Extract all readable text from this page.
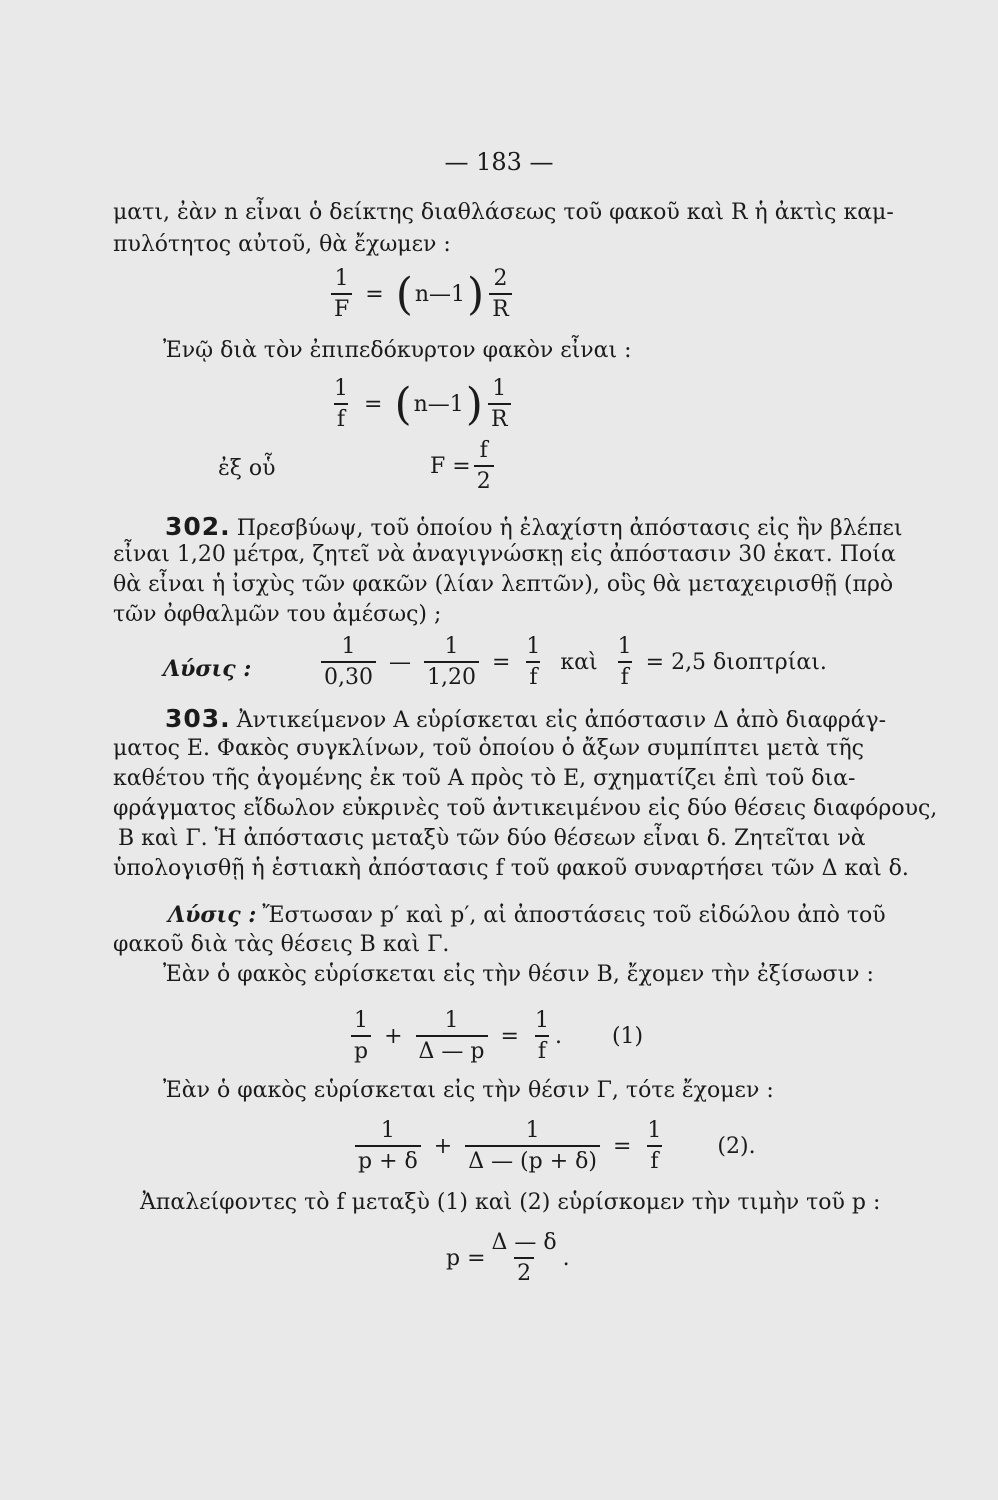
— 183 —
ματι, ἐὰν n εἶναι ὁ δείκτης διαθλάσεως τοῦ φακοῦ καὶ R ἡ ἀκτὶς καμ-
πυλότητος αὐτοῦ, θὰ ἔχωμεν :
$\frac{1}{F}$ = ( n—1 ) $\frac{2}{R}$
Ἐνῷ διὰ τὸν ἐπιπεδόκυρτον φακὸν εἶναι :
$\frac{1}{f}$ = ( n—1 ) $\frac{1}{R}$
ἐξ οὗ	$F = \frac{f}{2}$
302. Πρεσβύωψ, τοῦ ὁποίου ἡ ἐλαχίστη ἀπόστασις εἰς ἣν βλέπει
εἶναι 1,20 μέτρα, ζητεῖ νὰ ἀναγιγνώσκῃ εἰς ἀπόστασιν 30 ἑκατ. Ποία
θὰ εἶναι ἡ ἰσχὺς τῶν φακῶν (λίαν λεπτῶν), οὓς θὰ μεταχειρισθῇ (πρὸ
τῶν ὀφθαλμῶν του ἀμέσως) ;
Λύσις :	$\frac{1}{0,30}$ — $\frac{1}{1,20} = \frac{1}{f}$ καὶ $\frac{1}{f} = 2,5$ διοπτρίαι.
303. Ἀντικείμενον Α εὑρίσκεται εἰς ἀπόστασιν Δ ἀπὸ διαφράγ-
ματος Ε. Φακὸς συγκλίνων, τοῦ ὁποίου ὁ ἄξων συμπίπτει μετὰ τῆς
καθέτου τῆς ἀγομένης ἐκ τοῦ Α πρὸς τὸ Ε, σχηματίζει ἐπὶ τοῦ δια-
φράγματος εἴδωλον εὐκρινὲς τοῦ ἀντικειμένου εἰς δύο θέσεις διαφόρους,
Β καὶ Γ. Ἡ ἀπόστασις μεταξὺ τῶν δύο θέσεων εἶναι δ. Ζητεῖται νὰ
ὑπολογισθῇ ἡ ἑστιακὴ ἀπόστασις f τοῦ φακοῦ συναρτήσει τῶν Δ καὶ δ.
Λύσις : Ἔστωσαν p′ καὶ p′, αἱ ἀποστάσεις τοῦ εἰδώλου ἀπὸ τοῦ
φακοῦ διὰ τὰς θέσεις Β καὶ Γ.
Ἐὰν ὁ φακὸς εὑρίσκεται εἰς τὴν θέσιν Β, ἔχομεν τὴν ἐξίσωσιν :
$\frac{1}{p} + \frac{1}{\Delta — p} = \frac{1}{f}$ . (1)
Ἐὰν ὁ φακὸς εὑρίσκεται εἰς τὴν θέσιν Γ, τότε ἔχομεν :
$\frac{1}{p + \delta} + \frac{1}{\Delta — (p + \delta)} = \frac{1}{f} (2)$.
Ἀπαλείφοντες τὸ f μεταξὺ (1) καὶ (2) εὑρίσκομεν τὴν τιμὴν τοῦ p :
$p = \frac{\Delta — \delta}{2}$ .
